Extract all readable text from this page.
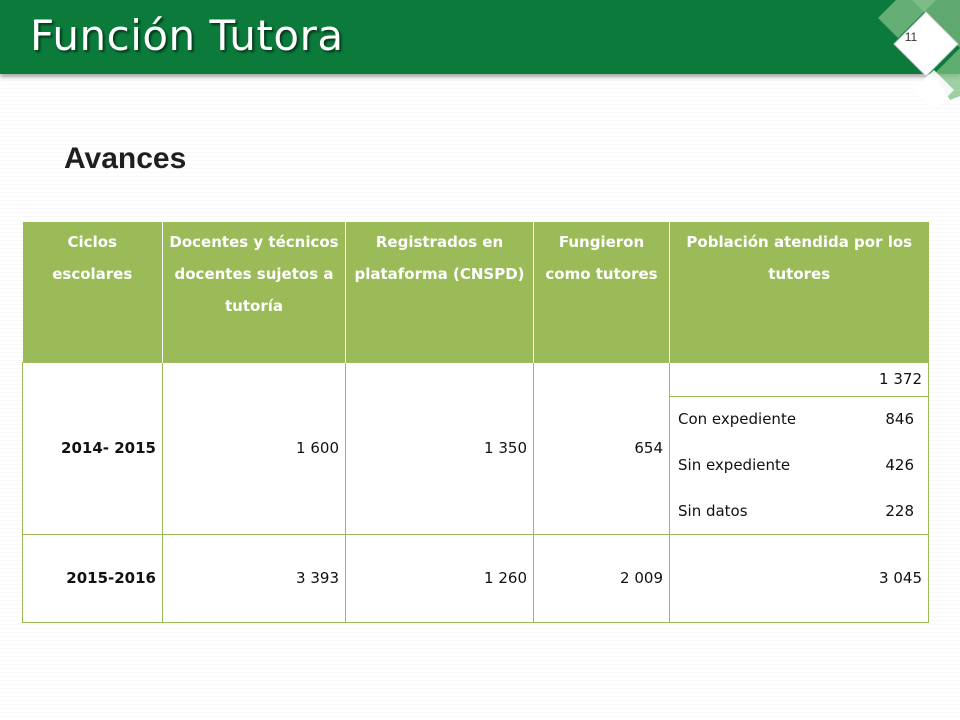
Función Tutora	11
Avances
Ciclos escolares	Docentes y técnicos docentes sujetos a tutoría	Registrados en plataforma (CNSPD)	Fungieron como tutores	Población atendida por los tutores
2014- 2015	1 600	1 350	654	1 372

				Con expediente 846

				Sin expediente 426

				Sin datos 228

2015-2016	3 393	1 260	2 009	3 045
